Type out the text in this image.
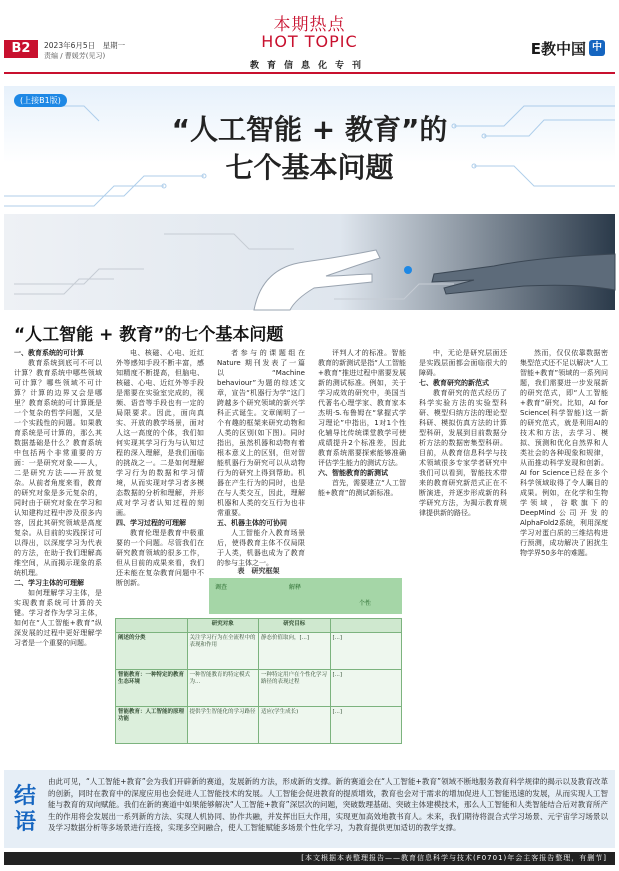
B2	2023年6月5日　星期一
责编 / 曹媛芳(见习)
本期热点
HOT TOPIC
教育信息化专刊
E教中国 中
(上接B1版)
“人工智能 + 教育”的
七个基本问题
“人工智能 + 教育”的七个基本问题

一、教育系统的可计算

教育系统到底可不可以计算？教育系统中哪些领域可计算？哪些领域不可计算？计算的边界又会是哪里？教育系统的可计算既是一个复杂的哲学问题，又是一个实践性的问题。如果教育系统是可计算的，那么其数据基础是什么？教育系统中包括两个非常重要的方面：一是研究对象——人，二是研究方法——开放复杂。从前者角度来看，教育的研究对象是多元复杂的，同时由于研究对象在学习和认知建构过程中涉及很多内容，因此其研究领域是高度复杂。从目前的实践探讨可以得出，以深度学习为代表的方法，在助于我们理解高维空间，从而揭示现象的系统机理。

二、学习主体的可理解

如何理解学习主体，是实现教育系统可计算的关键。学习者作为学习主体，如何在“人工智能+教育”纵深发展的过程中更好理解学习者是一个重要的问题。

电、核磁、心电、近红外等感知手段不断丰富，感知精度不断提高，但脑电、核磁、心电、近红外等手段是需要在实验室完成的，视频、语音等手段也有一定的局限要求。因此，面向真实、开放的教学场景，面对人这一高度的个体，我们如何实现其学习行为与认知过程的深入理解，是我们面临的挑战之一。二是如何理解学习行为的数据和学习情境，从而实现对学习者多模态数据的分析和理解，并形成对学习者认知过程的刻画。

四、学习过程的可理解

教育伦理是教育中极重要的一个问题。尽管我们在研究教育领域的很多工作，但从目前的成果来看，我们还未能在复杂教育问题中不断创新。

者参与的课题组在 Nature 期刊发表了一篇以“Machine behaviour”为题的综述文章，宣告“机器行为学”这门跨越多个研究领域的新兴学科正式诞生。文章阐明了一个有趣的框架来研究动物和人类的区别(如下图)。同时指出，虽然机器和动物有着根本意义上的区别，但对智能机器行为研究可以从动物行为的研究上得到帮助。机器在产生行为的同时，也是在与人类交互，因此，理解机器和人类的交互行为也非常重要。

五、机器主体的可协同

人工智能介入教育场景后，使得教育主体不仅局限于人类，机器也成为了教育的参与主体之一。

评判人才的标准。智能教育的新测试是指“人工智能+教育”推进过程中需要发展新的测试标准。例如，关于学习成效的研究中，美国当代著名心理学家、教育家本杰明·S.布鲁姆在“掌握式学习理论”中指出，1对1个性化辅导比传统课堂教学可使成绩提升2个标准差，因此教育系统需要探索能够准确评估学生能力的测试方法。

六、智能教育的新测试

首先，需要建立“人工智能+教育”的测试新标准。

中，无论是研究层面还是实践层面都会面临很大的障碍。

七、教育研究的新范式

教育研究的范式经历了科学实验方法的实验型科研、模型归纳方法的理论型科研、模拟仿真方法的计算型科研，发展到目前数据分析方法的数据密集型科研。目前，从教育信息科学与技术领域很多专家学者研究中我们可以看到，智能技术带来的教育研究新范式正在不断演进，并逐步形成新的科学研究方法，为揭示教育规律提供新的路径。

然而，仅仅依靠数据密集型范式还不足以解决“人工智能+教育”领域的一系列问题，我们需要进一步发展新的研究范式，即“人工智能+教育”研究。比如，AI for Science(科学智能)这一新的研究范式，就是利用AI的技术和方法，去学习、模拟、预测和优化自然界和人类社会的各种现象和规律，从而推动科学发现和创新。AI for Science已经在多个科学领域取得了令人瞩目的成果。例如，在化学和生物学领域，谷歌旗下的DeepMind公司开发的AlphaFold2系统，利用深度学习对蛋白质的三维结构进行预测，成功解决了困扰生物学界50多年的难题。

表　研究框架
调查	解释
个性
	研究对象	研究目标	
阐述的分类	关注学习行为在全流程中的表现和作用	静态价值取向，[...]	[...]
智能教育：一种特定的教育生态环境	一种智能教育的特定模式为...	一种特定用户在个性化学习路径的表现过程	[...]
智能教育：人工智能的原理功能	提供学生智能化的学习路径	适应(学生成长)	[...]
结语
由此可见，“人工智能+教育”会为我们开辟新的赛道，发展新的方法，形成新的支撑。新的赛道会在“人工智能+教育”领域不断地服务教育科学规律的揭示以及教育改革的创新，同时在教育中的深度应用也会促进人工智能技术的发展。人工智能会促进教育的提质增效，教育也会对于需求的增加促进人工智能迅速的发展，从而实现人工智能与教育的双向赋能。我们在新的赛道中如果能够解决“人工智能+教育”深层次的问题，突破数理基础、突破主体建模技术，那么人工智能和人类智能结合后对教育所产生的作用将会发展出一系列新的方法、实现人机协同、协作共融，并发挥出巨大作用，实现更加高效地教书育人。未来，我们期待将混合式学习场景、元宇宙学习场景以及学习数据分析等多场景进行连接，实现多空间融合，使人工智能赋能多场景个性化学习，为教育提供更加适切的教学支撑。
[本文根据本表整理报告——教育信息科学与技术(F0701)年会主客报告整理，有删节]
